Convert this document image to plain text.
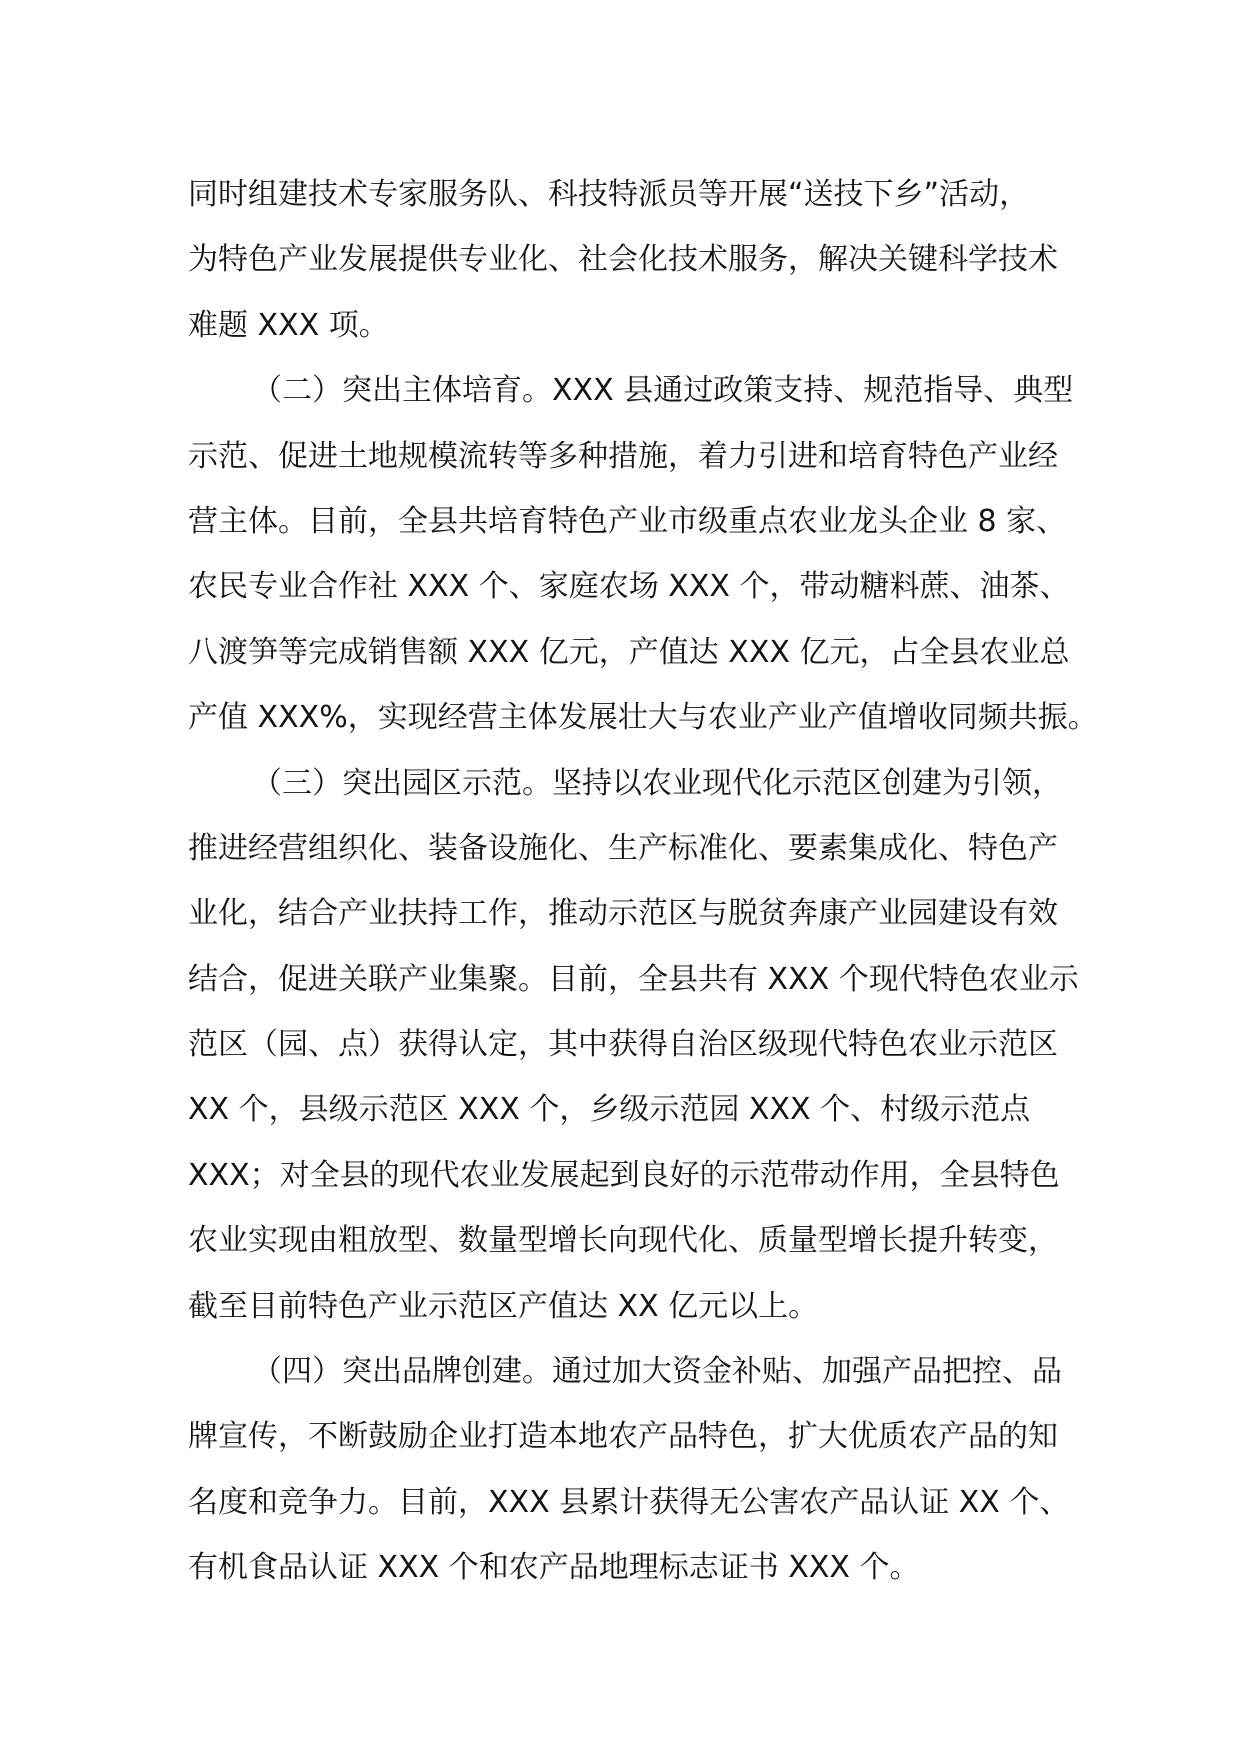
同时组建技术专家服务队、科技特派员等开展“送技下乡”活动，
为特色产业发展提供专业化、社会化技术服务，解决关键科学技术
难题 XXX 项。
（二）突出主体培育。XXX 县通过政策支持、规范指导、典型
示范、促进土地规模流转等多种措施，着力引进和培育特色产业经
营主体。目前，全县共培育特色产业市级重点农业龙头企业 8 家、
农民专业合作社 XXX 个、家庭农场 XXX 个，带动糖料蔗、油茶、
八渡笋等完成销售额 XXX 亿元，产值达 XXX 亿元，占全县农业总
产值 XXX%，实现经营主体发展壮大与农业产业产值增收同频共振。
（三）突出园区示范。坚持以农业现代化示范区创建为引领，
推进经营组织化、装备设施化、生产标准化、要素集成化、特色产
业化，结合产业扶持工作，推动示范区与脱贫奔康产业园建设有效
结合，促进关联产业集聚。目前，全县共有 XXX 个现代特色农业示
范区（园、点）获得认定，其中获得自治区级现代特色农业示范区
XX 个，县级示范区 XXX 个，乡级示范园 XXX 个、村级示范点
XXX；对全县的现代农业发展起到良好的示范带动作用，全县特色
农业实现由粗放型、数量型增长向现代化、质量型增长提升转变，
截至目前特色产业示范区产值达 XX 亿元以上。
（四）突出品牌创建。通过加大资金补贴、加强产品把控、品
牌宣传，不断鼓励企业打造本地农产品特色，扩大优质农产品的知
名度和竞争力。目前，XXX 县累计获得无公害农产品认证 XX 个、
有机食品认证 XXX 个和农产品地理标志证书 XXX 个。
